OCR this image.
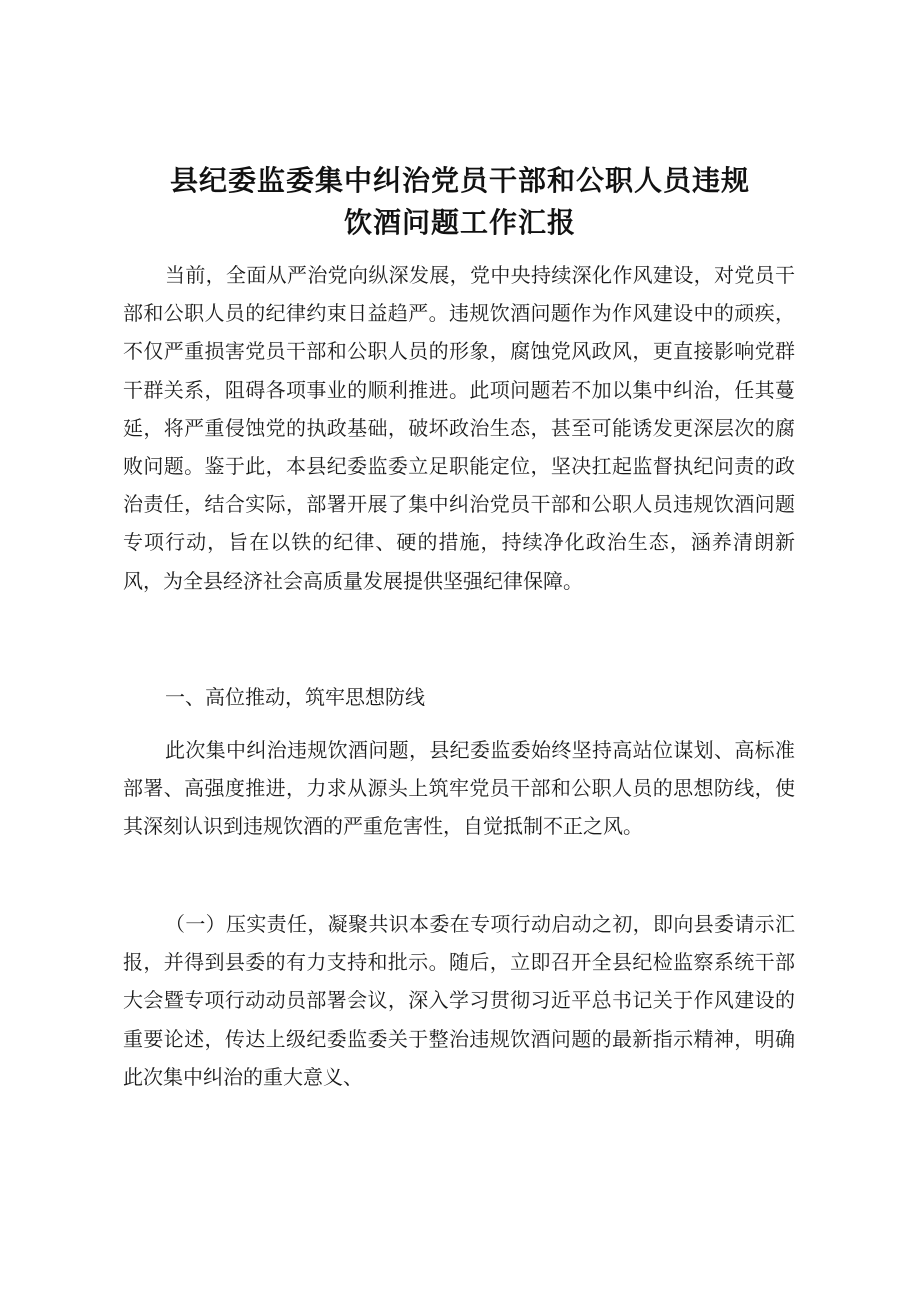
县纪委监委集中纠治党员干部和公职人员违规
饮酒问题工作汇报

当前，全面从严治党向纵深发展，党中央持续深化作风建设，对党员干部和公职人员的纪律约束日益趋严。违规饮酒问题作为作风建设中的顽疾，不仅严重损害党员干部和公职人员的形象，腐蚀党风政风，更直接影响党群干群关系，阻碍各项事业的顺利推进。此项问题若不加以集中纠治，任其蔓延，将严重侵蚀党的执政基础，破坏政治生态，甚至可能诱发更深层次的腐败问题。鉴于此，本县纪委监委立足职能定位，坚决扛起监督执纪问责的政治责任，结合实际，部署开展了集中纠治党员干部和公职人员违规饮酒问题专项行动，旨在以铁的纪律、硬的措施，持续净化政治生态，涵养清朗新风，为全县经济社会高质量发展提供坚强纪律保障。

一、高位推动，筑牢思想防线

此次集中纠治违规饮酒问题，县纪委监委始终坚持高站位谋划、高标准部署、高强度推进，力求从源头上筑牢党员干部和公职人员的思想防线，使其深刻认识到违规饮酒的严重危害性，自觉抵制不正之风。

（一）压实责任，凝聚共识本委在专项行动启动之初，即向县委请示汇报，并得到县委的有力支持和批示。随后，立即召开全县纪检监察系统干部大会暨专项行动动员部署会议，深入学习贯彻习近平总书记关于作风建设的重要论述，传达上级纪委监委关于整治违规饮酒问题的最新指示精神，明确此次集中纠治的重大意义、
